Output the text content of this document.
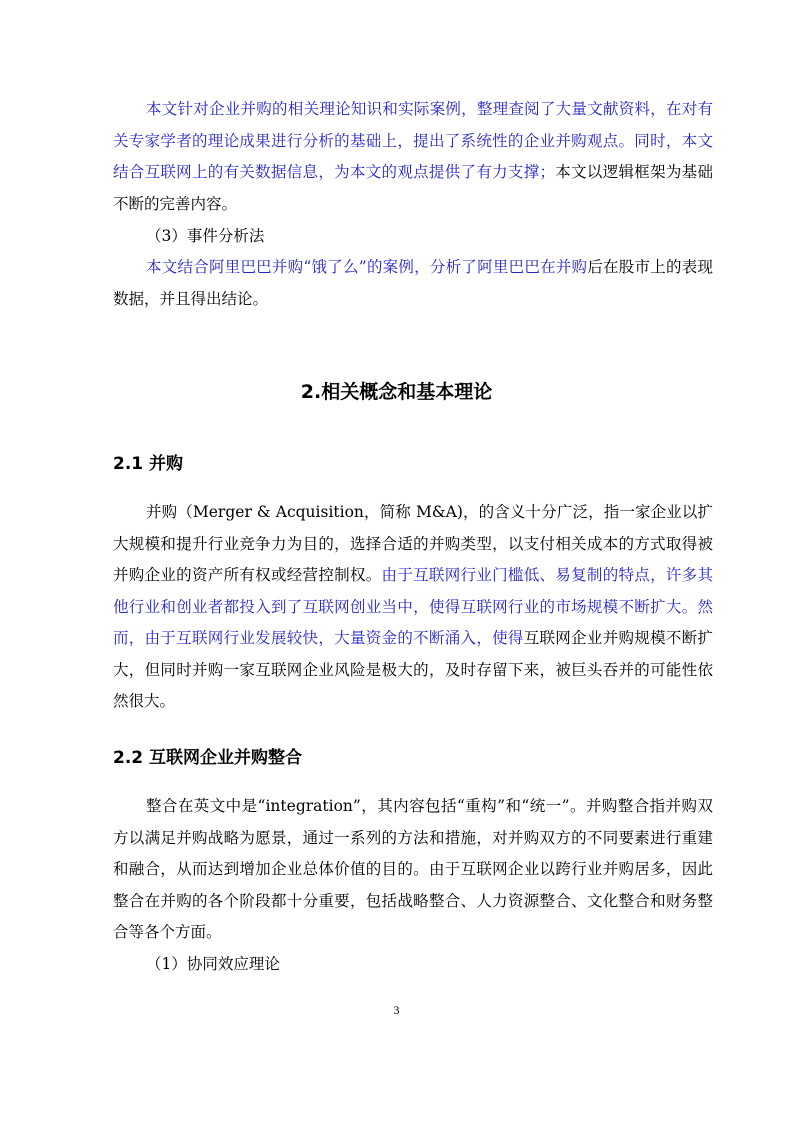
本文针对企业并购的相关理论知识和实际案例，整理查阅了大量文献资料，在对有关专家学者的理论成果进行分析的基础上，提出了系统性的企业并购观点。同时，本文结合互联网上的有关数据信息，为本文的观点提供了有力支撑；本文以逻辑框架为基础不断的完善内容。

（3）事件分析法

本文结合阿里巴巴并购“饿了么”的案例，分析了阿里巴巴在并购后在股市上的表现数据，并且得出结论。

2.相关概念和基本理论
2.1 并购

并购（Merger & Acquisition，简称 M&A)，的含义十分广泛，指一家企业以扩大规模和提升行业竞争力为目的，选择合适的并购类型，以支付相关成本的方式取得被并购企业的资产所有权或经营控制权。由于互联网行业门槛低、易复制的特点，许多其他行业和创业者都投入到了互联网创业当中，使得互联网行业的市场规模不断扩大。然而，由于互联网行业发展较快，大量资金的不断涌入，使得互联网企业并购规模不断扩大，但同时并购一家互联网企业风险是极大的，及时存留下来，被巨头吞并的可能性依然很大。

2.2 互联网企业并购整合

整合在英文中是“integration”，其内容包括“重构”和“统一”。并购整合指并购双方以满足并购战略为愿景，通过一系列的方法和措施，对并购双方的不同要素进行重建和融合，从而达到增加企业总体价值的目的。由于互联网企业以跨行业并购居多，因此整合在并购的各个阶段都十分重要，包括战略整合、人力资源整合、文化整合和财务整合等各个方面。

（1）协同效应理论

3
